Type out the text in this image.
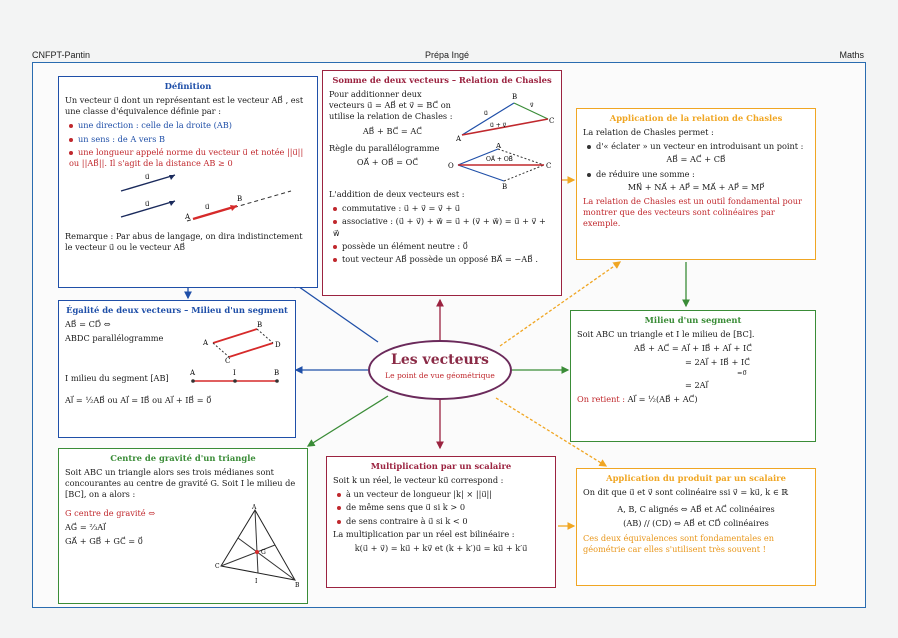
CNFPT-Pantin	Prépa Ingé	Maths
Définition
Un vecteur u⃗ dont un représentant est le vecteur AB⃗ , est une classe d'équivalence définie par :
une direction : celle de la droite (AB)
un sens : de A vers B
une longueur appelé norme du vecteur u⃗ et notée ||u⃗|| ou ||AB⃗||. Il s'agit de la distance AB ≥ 0
u⃗
u⃗	u⃗
A
B
Remarque : Par abus de langage, on dira indistinctement le vecteur u⃗ ou le vecteur AB⃗
Somme de deux vecteurs – Relation de Chasles
Pour additionner deux vecteurs u⃗ = AB⃗ et v⃗ = BC⃗ on utilise la relation de Chasles :
AB⃗ + BC⃗ = AC⃗
A
B
C
u⃗
v⃗
u⃗ + v⃗
Règle du parallélogramme
OA⃗ + OB⃗ = OC⃗	O
A
B
C
OA⃗ + OB⃗
L'addition de deux vecteurs est :
commutative : u⃗ + v⃗ = v⃗ + u⃗
associative : (u⃗ + v⃗) + w⃗ = u⃗ + (v⃗ + w⃗) = u⃗ + v⃗ + w⃗
possède un élément neutre : 0⃗
tout vecteur AB⃗ possède un opposé BA⃗ = −AB⃗ .
Application de la relation de Chasles
La relation de Chasles permet :
d'« éclater » un vecteur en introduisant un point :
AB⃗ = AC⃗ + CB⃗
de réduire une somme :
MN⃗ + NA⃗ + AP⃗ = MA⃗ + AP⃗ = MP⃗
La relation de Chasles est un outil fondamental pour montrer que des vecteurs sont colinéaires par exemple.
Égalité de deux vecteurs – Milieu d'un segment
AB⃗ = CD⃗ ⇔
ABDC parallélogramme	A
B
C
D
I milieu du segment [AB]	A	I	B
AI⃗ = ½AB⃗ ou AI⃗ = IB⃗ ou AI⃗ + IB⃗ = 0⃗
Milieu d'un segment
Soit ABC un triangle et I le milieu de [BC].
AB⃗ + AC⃗ = AI⃗ + IB⃗ + AI⃗ + IC⃗
= 2AI⃗ + IB⃗ + IC⃗
=0⃗
= 2AI⃗
On retient : AI⃗ = ½(AB⃗ + AC⃗)
Les vecteurs
Le point de vue géométrique
Centre de gravité d'un triangle
Soit ABC un triangle alors ses trois médianes sont concourantes au centre de gravité G. Soit I le milieu de [BC], on a alors :
G centre de gravité ⇔
AG⃗ = ⅔AI⃗
GA⃗ + GB⃗ + GC⃗ = 0⃗
A
B
C
G
I
Multiplication par un scalaire
Soit k un réel, le vecteur ku⃗ correspond :
à un vecteur de longueur |k| × ||u⃗||
de même sens que u⃗ si k > 0
de sens contraire à u⃗ si k < 0
La multiplication par un réel est bilinéaire :
k(u⃗ + v⃗) = ku⃗ + kv⃗ et (k + k′)u⃗ = ku⃗ + k′u⃗
Application du produit par un scalaire
On dit que u⃗ et v⃗ sont colinéaire ssi v⃗ = ku⃗, k ∈ ℝ
A, B, C alignés ⇔ AB⃗ et AC⃗ colinéaires
(AB) // (CD) ⇔ AB⃗ et CD⃗ colinéaires
Ces deux équivalences sont fondamentales en géométrie car elles s'utilisent très souvent !
